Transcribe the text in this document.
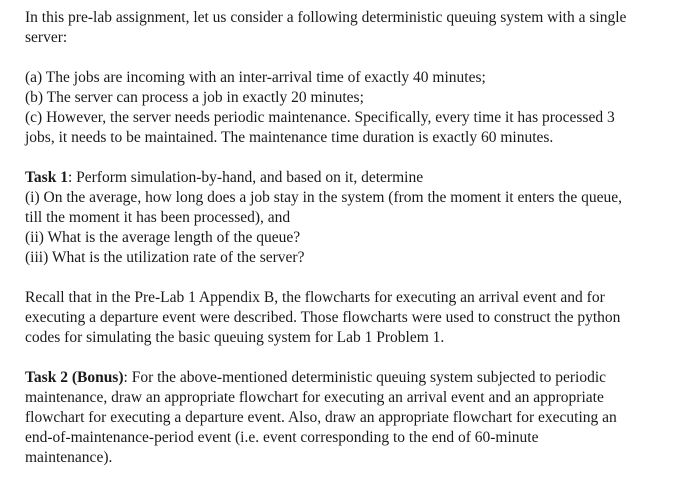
In this pre-lab assignment, let us consider a following deterministic queuing system with a single
server:
(a) The jobs are incoming with an inter-arrival time of exactly 40 minutes;
(b) The server can process a job in exactly 20 minutes;
(c) However, the server needs periodic maintenance. Specifically, every time it has processed 3
jobs, it needs to be maintained. The maintenance time duration is exactly 60 minutes.
Task 1: Perform simulation-by-hand, and based on it, determine
(i) On the average, how long does a job stay in the system (from the moment it enters the queue,
till the moment it has been processed), and
(ii) What is the average length of the queue?
(iii) What is the utilization rate of the server?
Recall that in the Pre-Lab 1 Appendix B, the flowcharts for executing an arrival event and for
executing a departure event were described. Those flowcharts were used to construct the python
codes for simulating the basic queuing system for Lab 1 Problem 1.
Task 2 (Bonus): For the above-mentioned deterministic queuing system subjected to periodic
maintenance, draw an appropriate flowchart for executing an arrival event and an appropriate
flowchart for executing a departure event. Also, draw an appropriate flowchart for executing an
end-of-maintenance-period event (i.e. event corresponding to the end of 60-minute
maintenance).
